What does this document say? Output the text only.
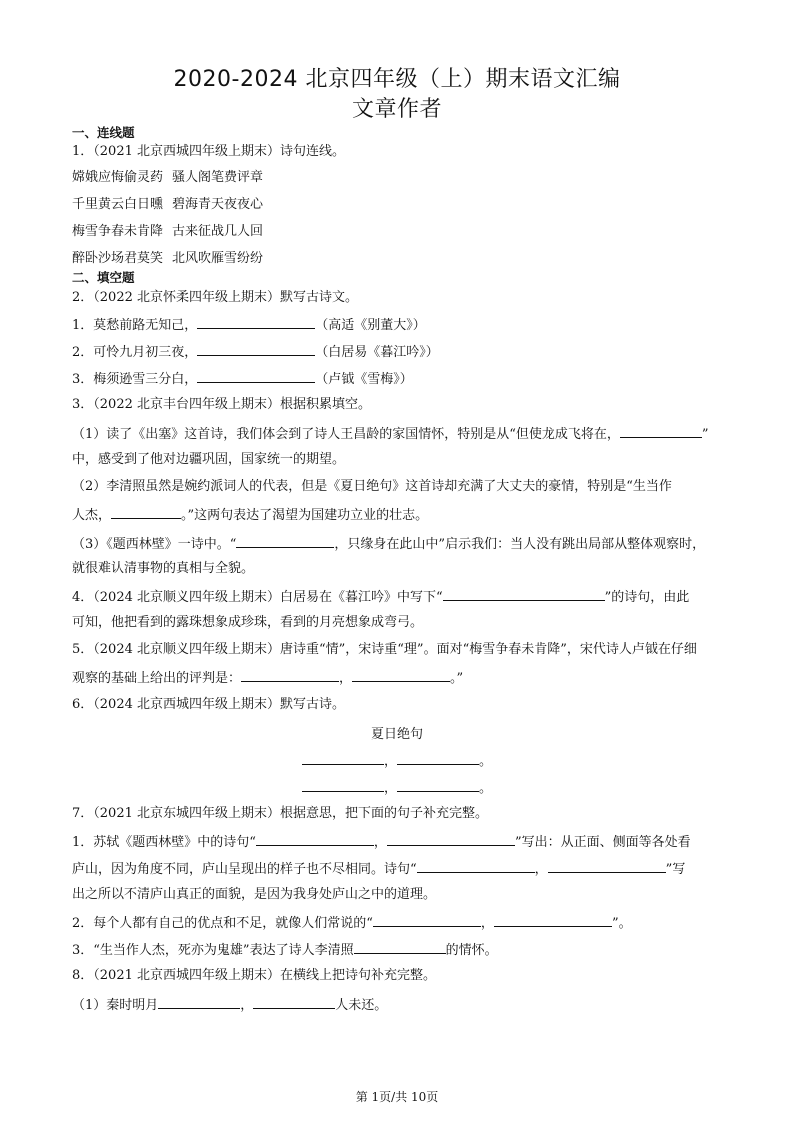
2020-2024 北京四年级（上）期末语文汇编
文章作者
一、连线题
1．（2021 北京西城四年级上期末）诗句连线。
嫦娥应悔偷灵药 骚人阁笔费评章
千里黄云白日曛 碧海青天夜夜心
梅雪争春未肯降 古来征战几人回
醉卧沙场君莫笑 北风吹雁雪纷纷
二、填空题
2．（2022 北京怀柔四年级上期末）默写古诗文。
1．莫愁前路无知己，	（高适《别董大》）
2．可怜九月初三夜，	（白居易《暮江吟》）
3．梅须逊雪三分白，	（卢钺《雪梅》）
3．（2022 北京丰台四年级上期末）根据积累填空。
（1）读了《出塞》这首诗，我们体会到了诗人王昌龄的家国情怀，特别是从“但使龙成飞将在，	”
中，感受到了他对边疆巩固，国家统一的期望。
（2）李清照虽然是婉约派词人的代表，但是《夏日绝句》这首诗却充满了大丈夫的豪情，特别是“生当作
人杰，	。”这两句表达了渴望为国建功立业的壮志。
（3）《题西林壁》一诗中。“	，只缘身在此山中”启示我们：当人没有跳出局部从整体观察时，
就很难认清事物的真相与全貌。
4．（2024 北京顺义四年级上期末）白居易在《暮江吟》中写下“	”的诗句，由此
可知，他把看到的露珠想象成珍珠，看到的月亮想象成弯弓。
5．（2024 北京顺义四年级上期末）唐诗重“情”，宋诗重“理”。面对“梅雪争春未肯降”，宋代诗人卢钺在仔细
观察的基础上给出的评判是：	，	。”
6．（2024 北京西城四年级上期末）默写古诗。
夏日绝句
，	。
，	。
7．（2021 北京东城四年级上期末）根据意思，把下面的句子补充完整。
1．苏轼《题西林壁》中的诗句“	，	”写出：从正面、侧面等各处看
庐山，因为角度不同，庐山呈现出的样子也不尽相同。诗句“	，	”写
出之所以不清庐山真正的面貌，是因为我身处庐山之中的道理。
2．每个人都有自己的优点和不足，就像人们常说的“	，	”。
3．“生当作人杰，死亦为鬼雄”表达了诗人李清照	的情怀。
8．（2021 北京西城四年级上期末）在横线上把诗句补充完整。
（1）秦时明月	，	人未还。
第 1页/共 10页
